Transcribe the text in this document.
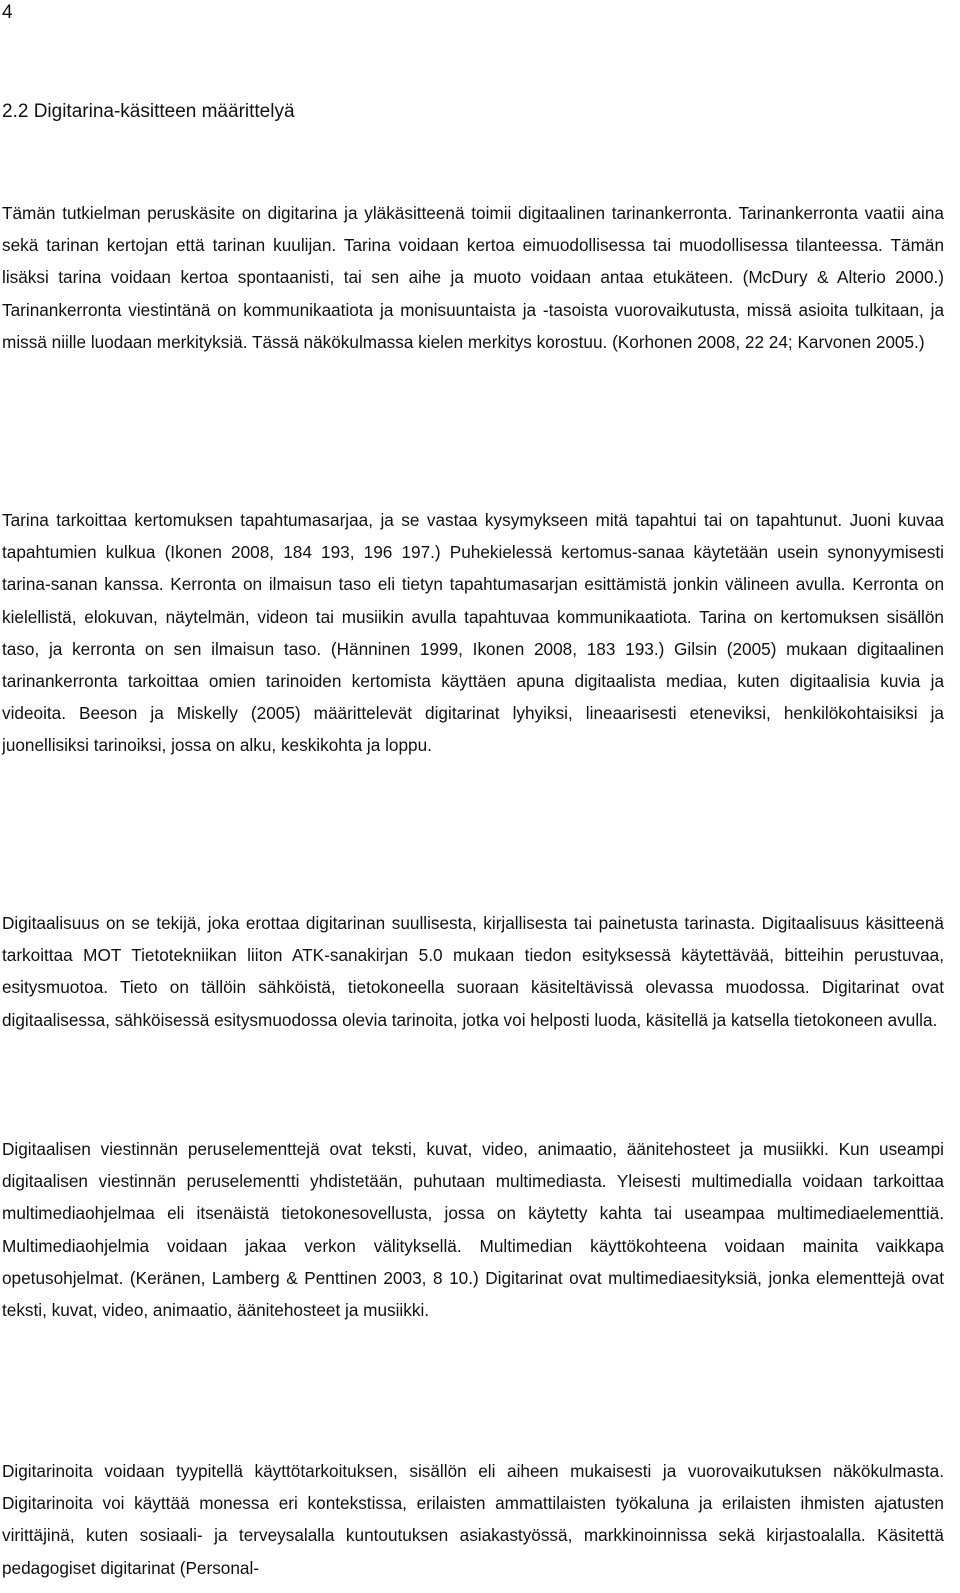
4

2.2 Digitarina-käsitteen määrittelyä

Tämän tutkielman peruskäsite on digitarina ja yläkäsitteenä toimii digitaalinen tarinankerronta. Tarinankerronta vaatii aina sekä tarinan kertojan että tarinan kuulijan. Tarina voidaan kertoa eimuodollisessa tai muodollisessa tilanteessa. Tämän lisäksi tarina voidaan kertoa spontaanisti, tai sen aihe ja muoto voidaan antaa etukäteen. (McDury & Alterio 2000.) Tarinankerronta viestintänä on kommunikaatiota ja monisuuntaista ja -tasoista vuorovaikutusta, missä asioita tulkitaan, ja missä niille luodaan merkityksiä. Tässä näkökulmassa kielen merkitys korostuu. (Korhonen 2008, 22 24; Karvonen 2005.)

Tarina tarkoittaa kertomuksen tapahtumasarjaa, ja se vastaa kysymykseen mitä tapahtui tai on tapahtunut. Juoni kuvaa tapahtumien kulkua (Ikonen 2008, 184 193, 196 197.) Puhekielessä kertomus-sanaa käytetään usein synonyymisesti tarina-sanan kanssa. Kerronta on ilmaisun taso eli tietyn tapahtumasarjan esittämistä jonkin välineen avulla. Kerronta on kielellistä, elokuvan, näytelmän, videon tai musiikin avulla tapahtuvaa kommunikaatiota. Tarina on kertomuksen sisällön taso, ja kerronta on sen ilmaisun taso. (Hänninen 1999, Ikonen 2008, 183 193.) Gilsin (2005) mukaan digitaalinen tarinankerronta tarkoittaa omien tarinoiden kertomista käyttäen apuna digitaalista mediaa, kuten digitaalisia kuvia ja videoita. Beeson ja Miskelly (2005) määrittelevät digitarinat lyhyiksi, lineaarisesti eteneviksi, henkilökohtaisiksi ja juonellisiksi tarinoiksi, jossa on alku, keskikohta ja loppu.

Digitaalisuus on se tekijä, joka erottaa digitarinan suullisesta, kirjallisesta tai painetusta tarinasta. Digitaalisuus käsitteenä tarkoittaa MOT Tietotekniikan liiton ATK-sanakirjan 5.0 mukaan tiedon esityksessä käytettävää, bitteihin perustuvaa, esitysmuotoa. Tieto on tällöin sähköistä, tietokoneella suoraan käsiteltävissä olevassa muodossa. Digitarinat ovat digitaalisessa, sähköisessä esitysmuodossa olevia tarinoita, jotka voi helposti luoda, käsitellä ja katsella tietokoneen avulla.

Digitaalisen viestinnän peruselementtejä ovat teksti, kuvat, video, animaatio, äänitehosteet ja musiikki. Kun useampi digitaalisen viestinnän peruselementti yhdistetään, puhutaan multimediasta. Yleisesti multimedialla voidaan tarkoittaa multimediaohjelmaa eli itsenäistä tietokonesovellusta, jossa on käytetty kahta tai useampaa multimediaelementtiä. Multimediaohjelmia voidaan jakaa verkon välityksellä. Multimedian käyttökohteena voidaan mainita vaikkapa opetusohjelmat. (Keränen, Lamberg & Penttinen 2003, 8 10.) Digitarinat ovat multimediaesityksiä, jonka elementtejä ovat teksti, kuvat, video, animaatio, äänitehosteet ja musiikki.

Digitarinoita voidaan tyypitellä käyttötarkoituksen, sisällön eli aiheen mukaisesti ja vuorovaikutuksen näkökulmasta. Digitarinoita voi käyttää monessa eri kontekstissa, erilaisten ammattilaisten työkaluna ja erilaisten ihmisten ajatusten virittäjinä, kuten sosiaali- ja terveysalalla kuntoutuksen asiakastyössä, markkinoinnissa sekä kirjastoalalla. Käsitettä pedagogiset digitarinat (Personal-
